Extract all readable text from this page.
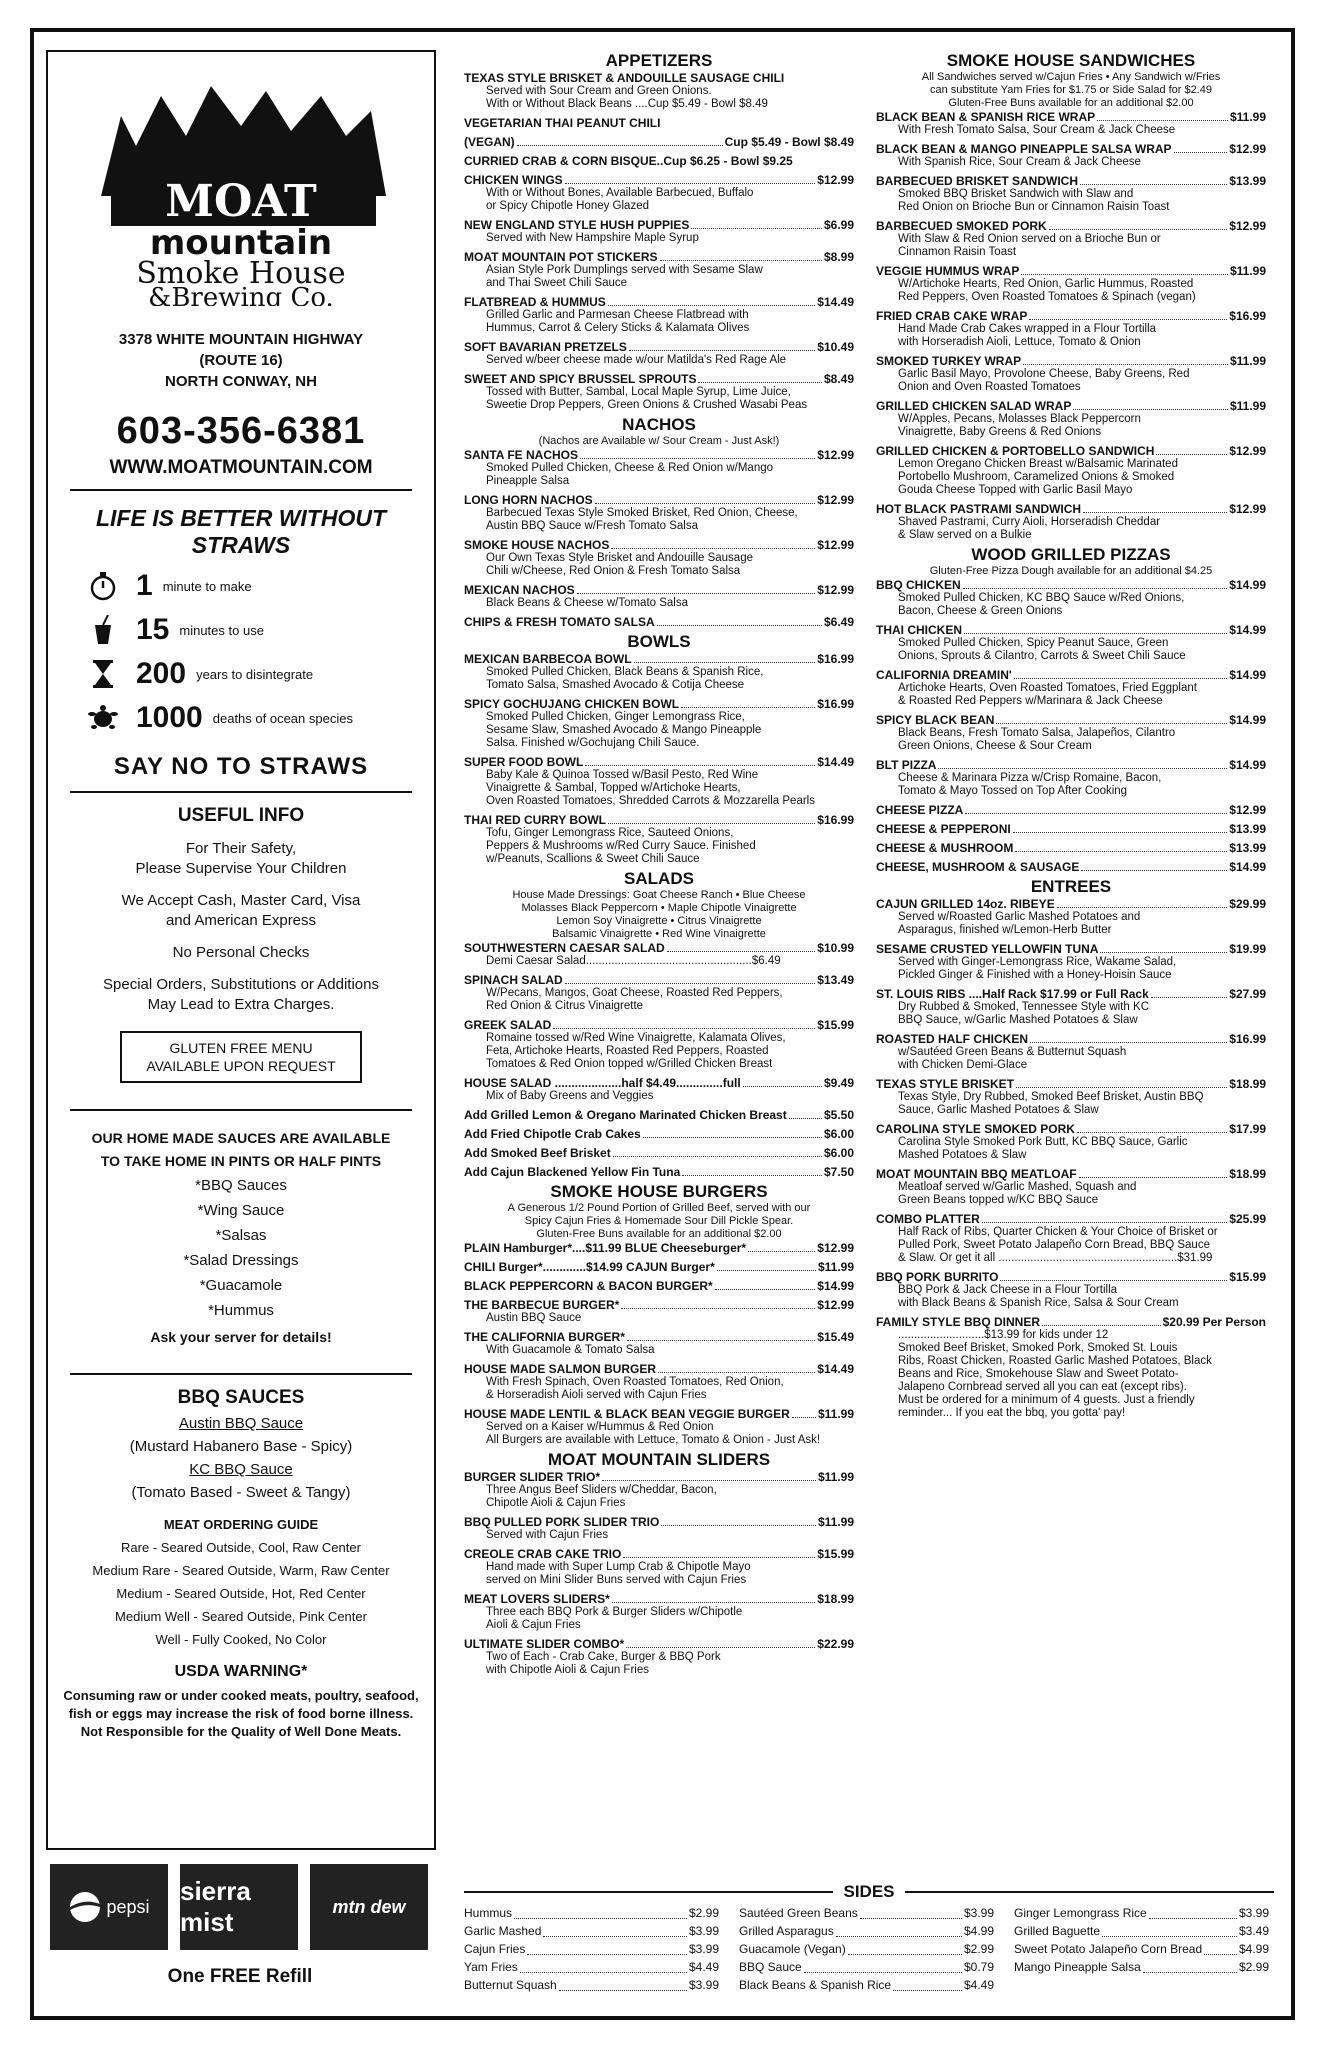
MOAT
mountain
Smoke House
&Brewing Co.
3378 WHITE MOUNTAIN HIGHWAY
(ROUTE 16)
NORTH CONWAY, NH
603-356-6381
WWW.MOATMOUNTAIN.COM
LIFE IS BETTER WITHOUT STRAWS
1 minute to make
15 minutes to use
200 years to disintegrate
1000 deaths of ocean species
SAY NO TO STRAWS
USEFUL INFO

For Their Safety,
Please Supervise Your Children

We Accept Cash, Master Card, Visa
and American Express

No Personal Checks

Special Orders, Substitutions or Additions
May Lead to Extra Charges.

GLUTEN FREE MENU
AVAILABLE UPON REQUEST
OUR HOME MADE SAUCES ARE AVAILABLE
TO TAKE HOME IN PINTS OR HALF PINTS
*BBQ Sauces
*Wing Sauce
*Salsas
*Salad Dressings
*Guacamole
*Hummus
Ask your server for details!
BBQ SAUCES

Austin BBQ Sauce

(Mustard Habanero Base - Spicy)

KC BBQ Sauce

(Tomato Based - Sweet & Tangy)

MEAT ORDERING GUIDE
Rare - Seared Outside, Cool, Raw Center
Medium Rare - Seared Outside, Warm, Raw Center
Medium - Seared Outside, Hot, Red Center
Medium Well - Seared Outside, Pink Center
Well - Fully Cooked, No Color
USDA WARNING*
Consuming raw or under cooked meats, poultry, seafood, fish or eggs may increase the risk of food borne illness. Not Responsible for the Quality of Well Done Meats.
pepsi
sierra mist
mtn dew
One FREE Refill
APPETIZERS
TEXAS STYLE BRISKET & ANDOUILLE SAUSAGE CHILI
Served with Sour Cream and Green Onions.
With or Without Black Beans ....Cup $5.49 - Bowl $8.49
VEGETARIAN THAI PEANUT CHILI
(VEGAN)	Cup $5.49 - Bowl $8.49
CURRIED CRAB & CORN BISQUE..Cup $6.25 - Bowl $9.25
CHICKEN WINGS	$12.99
With or Without Bones, Available Barbecued, Buffalo
or Spicy Chipotle Honey Glazed
NEW ENGLAND STYLE HUSH PUPPIES	$6.99
Served with New Hampshire Maple Syrup
MOAT MOUNTAIN POT STICKERS	$8.99
Asian Style Pork Dumplings served with Sesame Slaw
and Thai Sweet Chili Sauce
FLATBREAD & HUMMUS	$14.49
Grilled Garlic and Parmesan Cheese Flatbread with
Hummus, Carrot & Celery Sticks & Kalamata Olives
SOFT BAVARIAN PRETZELS	$10.49
Served w/beer cheese made w/our Matilda's Red Rage Ale
SWEET AND SPICY BRUSSEL SPROUTS	$8.49
Tossed with Butter, Sambal, Local Maple Syrup, Lime Juice,
Sweetie Drop Peppers, Green Onions & Crushed Wasabi Peas
NACHOS
(Nachos are Available w/ Sour Cream - Just Ask!)
SANTA FE NACHOS	$12.99
Smoked Pulled Chicken, Cheese & Red Onion w/Mango
Pineapple Salsa
LONG HORN NACHOS	$12.99
Barbecued Texas Style Smoked Brisket, Red Onion, Cheese,
Austin BBQ Sauce w/Fresh Tomato Salsa
SMOKE HOUSE NACHOS	$12.99
Our Own Texas Style Brisket and Andouille Sausage
Chili w/Cheese, Red Onion & Fresh Tomato Salsa
MEXICAN NACHOS	$12.99
Black Beans & Cheese w/Tomato Salsa
CHIPS & FRESH TOMATO SALSA	$6.49
BOWLS
MEXICAN BARBECOA BOWL	$16.99
Smoked Pulled Chicken, Black Beans & Spanish Rice,
Tomato Salsa, Smashed Avocado & Cotija Cheese
SPICY GOCHUJANG CHICKEN BOWL	$16.99
Smoked Pulled Chicken, Ginger Lemongrass Rice,
Sesame Slaw, Smashed Avocado & Mango Pineapple
Salsa. Finished w/Gochujang Chili Sauce.
SUPER FOOD BOWL	$14.49
Baby Kale & Quinoa Tossed w/Basil Pesto, Red Wine
Vinaigrette & Sambal, Topped w/Artichoke Hearts,
Oven Roasted Tomatoes, Shredded Carrots & Mozzarella Pearls
THAI RED CURRY BOWL	$16.99
Tofu, Ginger Lemongrass Rice, Sauteed Onions,
Peppers & Mushrooms w/Red Curry Sauce. Finished
w/Peanuts, Scallions & Sweet Chili Sauce
SALADS
House Made Dressings: Goat Cheese Ranch • Blue Cheese
Molasses Black Peppercorn • Maple Chipotle Vinaigrette
Lemon Soy Vinaigrette • Citrus Vinaigrette
Balsamic Vinaigrette • Red Wine Vinaigrette
SOUTHWESTERN CAESAR SALAD	$10.99
Demi Caesar Salad....................................................$6.49
SPINACH SALAD	$13.49
W/Pecans, Mangos, Goat Cheese, Roasted Red Peppers,
Red Onion & Citrus Vinaigrette
GREEK SALAD	$15.99
Romaine tossed w/Red Wine Vinaigrette, Kalamata Olives,
Feta, Artichoke Hearts, Roasted Red Peppers, Roasted
Tomatoes & Red Onion topped w/Grilled Chicken Breast
HOUSE SALAD ....................half $4.49..............full	$9.49
Mix of Baby Greens and Veggies
Add Grilled Lemon & Oregano Marinated Chicken Breast	$5.50
Add Fried Chipotle Crab Cakes	$6.00
Add Smoked Beef Brisket	$6.00
Add Cajun Blackened Yellow Fin Tuna	$7.50
SMOKE HOUSE BURGERS
A Generous 1/2 Pound Portion of Grilled Beef, served with our
Spicy Cajun Fries & Homemade Sour Dill Pickle Spear.
Gluten-Free Buns available for an additional $2.00
PLAIN Hamburger*....$11.99 BLUE Cheeseburger*	$12.99
CHILI Burger*.............$14.99 CAJUN Burger*	$11.99
BLACK PEPPERCORN & BACON BURGER*	$14.99
THE BARBECUE BURGER*	$12.99
Austin BBQ Sauce
THE CALIFORNIA BURGER*	$15.49
With Guacamole & Tomato Salsa
HOUSE MADE SALMON BURGER	$14.49
With Fresh Spinach, Oven Roasted Tomatoes, Red Onion,
& Horseradish Aioli served with Cajun Fries
HOUSE MADE LENTIL & BLACK BEAN VEGGIE BURGER $11.99
Served on a Kaiser w/Hummus & Red Onion
All Burgers are available with Lettuce, Tomato & Onion - Just Ask!
MOAT MOUNTAIN SLIDERS
BURGER SLIDER TRIO*	$11.99
Three Angus Beef Sliders w/Cheddar, Bacon,
Chipotle Aioli & Cajun Fries
BBQ PULLED PORK SLIDER TRIO	$11.99
Served with Cajun Fries
CREOLE CRAB CAKE TRIO	$15.99
Hand made with Super Lump Crab & Chipotle Mayo
served on Mini Slider Buns served with Cajun Fries
MEAT LOVERS SLIDERS*	$18.99
Three each BBQ Pork & Burger Sliders w/Chipotle
Aioli & Cajun Fries
ULTIMATE SLIDER COMBO*	$22.99
Two of Each - Crab Cake, Burger & BBQ Pork
with Chipotle Aioli & Cajun Fries
SMOKE HOUSE SANDWICHES
All Sandwiches served w/Cajun Fries • Any Sandwich w/Fries
can substitute Yam Fries for $1.75 or Side Salad for $2.49
Gluten-Free Buns available for an additional $2.00
BLACK BEAN & SPANISH RICE WRAP	$11.99
With Fresh Tomato Salsa, Sour Cream & Jack Cheese
BLACK BEAN & MANGO PINEAPPLE SALSA WRAP	$12.99
With Spanish Rice, Sour Cream & Jack Cheese
BARBECUED BRISKET SANDWICH	$13.99
Smoked BBQ Brisket Sandwich with Slaw and
Red Onion on Brioche Bun or Cinnamon Raisin Toast
BARBECUED SMOKED PORK	$12.99
With Slaw & Red Onion served on a Brioche Bun or
Cinnamon Raisin Toast
VEGGIE HUMMUS WRAP	$11.99
W/Artichoke Hearts, Red Onion, Garlic Hummus, Roasted
Red Peppers, Oven Roasted Tomatoes & Spinach (vegan)
FRIED CRAB CAKE WRAP	$16.99
Hand Made Crab Cakes wrapped in a Flour Tortilla
with Horseradish Aioli, Lettuce, Tomato & Onion
SMOKED TURKEY WRAP	$11.99
Garlic Basil Mayo, Provolone Cheese, Baby Greens, Red
Onion and Oven Roasted Tomatoes
GRILLED CHICKEN SALAD WRAP	$11.99
W/Apples, Pecans, Molasses Black Peppercorn
Vinaigrette, Baby Greens & Red Onions
GRILLED CHICKEN & PORTOBELLO SANDWICH	$12.99
Lemon Oregano Chicken Breast w/Balsamic Marinated
Portobello Mushroom, Caramelized Onions & Smoked
Gouda Cheese Topped with Garlic Basil Mayo
HOT BLACK PASTRAMI SANDWICH	$12.99
Shaved Pastrami, Curry Aioli, Horseradish Cheddar
& Slaw served on a Bulkie
WOOD GRILLED PIZZAS
Gluten-Free Pizza Dough available for an additional $4.25
BBQ CHICKEN	$14.99
Smoked Pulled Chicken, KC BBQ Sauce w/Red Onions,
Bacon, Cheese & Green Onions
THAI CHICKEN	$14.99
Smoked Pulled Chicken, Spicy Peanut Sauce, Green
Onions, Sprouts & Cilantro, Carrots & Sweet Chili Sauce
CALIFORNIA DREAMIN'	$14.99
Artichoke Hearts, Oven Roasted Tomatoes, Fried Eggplant
& Roasted Red Peppers w/Marinara & Jack Cheese
SPICY BLACK BEAN	$14.99
Black Beans, Fresh Tomato Salsa, Jalapeños, Cilantro
Green Onions, Cheese & Sour Cream
BLT PIZZA	$14.99
Cheese & Marinara Pizza w/Crisp Romaine, Bacon,
Tomato & Mayo Tossed on Top After Cooking
CHEESE PIZZA	$12.99
CHEESE & PEPPERONI	$13.99
CHEESE & MUSHROOM	$13.99
CHEESE, MUSHROOM & SAUSAGE	$14.99
ENTREES
CAJUN GRILLED 14oz. RIBEYE	$29.99
Served w/Roasted Garlic Mashed Potatoes and
Asparagus, finished w/Lemon-Herb Butter
SESAME CRUSTED YELLOWFIN TUNA	$19.99
Served with Ginger-Lemongrass Rice, Wakame Salad,
Pickled Ginger & Finished with a Honey-Hoisin Sauce
ST. LOUIS RIBS ....Half Rack $17.99 or Full Rack	$27.99
Dry Rubbed & Smoked, Tennessee Style with KC
BBQ Sauce, w/Garlic Mashed Potatoes & Slaw
ROASTED HALF CHICKEN	$16.99
w/Sautéed Green Beans & Butternut Squash
with Chicken Demi-Glace
TEXAS STYLE BRISKET	$18.99
Texas Style, Dry Rubbed, Smoked Beef Brisket, Austin BBQ
Sauce, Garlic Mashed Potatoes & Slaw
CAROLINA STYLE SMOKED PORK	$17.99
Carolina Style Smoked Pork Butt, KC BBQ Sauce, Garlic
Mashed Potatoes & Slaw
MOAT MOUNTAIN BBQ MEATLOAF	$18.99
Meatloaf served w/Garlic Mashed, Squash and
Green Beans topped w/KC BBQ Sauce
COMBO PLATTER	$25.99
Half Rack of Ribs, Quarter Chicken & Your Choice of Brisket or
Pulled Pork, Sweet Potato Jalapeño Corn Bread, BBQ Sauce
& Slaw. Or get it all ........................................................$31.99
BBQ PORK BURRITO	$15.99
BBQ Pork & Jack Cheese in a Flour Tortilla
with Black Beans & Spanish Rice, Salsa & Sour Cream
FAMILY STYLE BBQ DINNER	$20.99 Per Person
...........................$13.99 for kids under 12
Smoked Beef Brisket, Smoked Pork, Smoked St. Louis
Ribs, Roast Chicken, Roasted Garlic Mashed Potatoes, Black
Beans and Rice, Smokehouse Slaw and Sweet Potato-
Jalapeno Cornbread served all you can eat (except ribs).
Must be ordered for a minimum of 4 guests. Just a friendly
reminder... If you eat the bbq, you gotta' pay!
SIDES
Hummus	$2.99
Garlic Mashed	$3.99
Cajun Fries	$3.99
Yam Fries	$4.49
Butternut Squash	$3.99
Sautéed Green Beans	$3.99
Grilled Asparagus	$4.99
Guacamole (Vegan)	$2.99
BBQ Sauce	$0.79
Black Beans & Spanish Rice	$4.49
Ginger Lemongrass Rice	$3.99
Grilled Baguette	$3.49
Sweet Potato Jalapeño Corn Bread	$4.99
Mango Pineapple Salsa	$2.99
